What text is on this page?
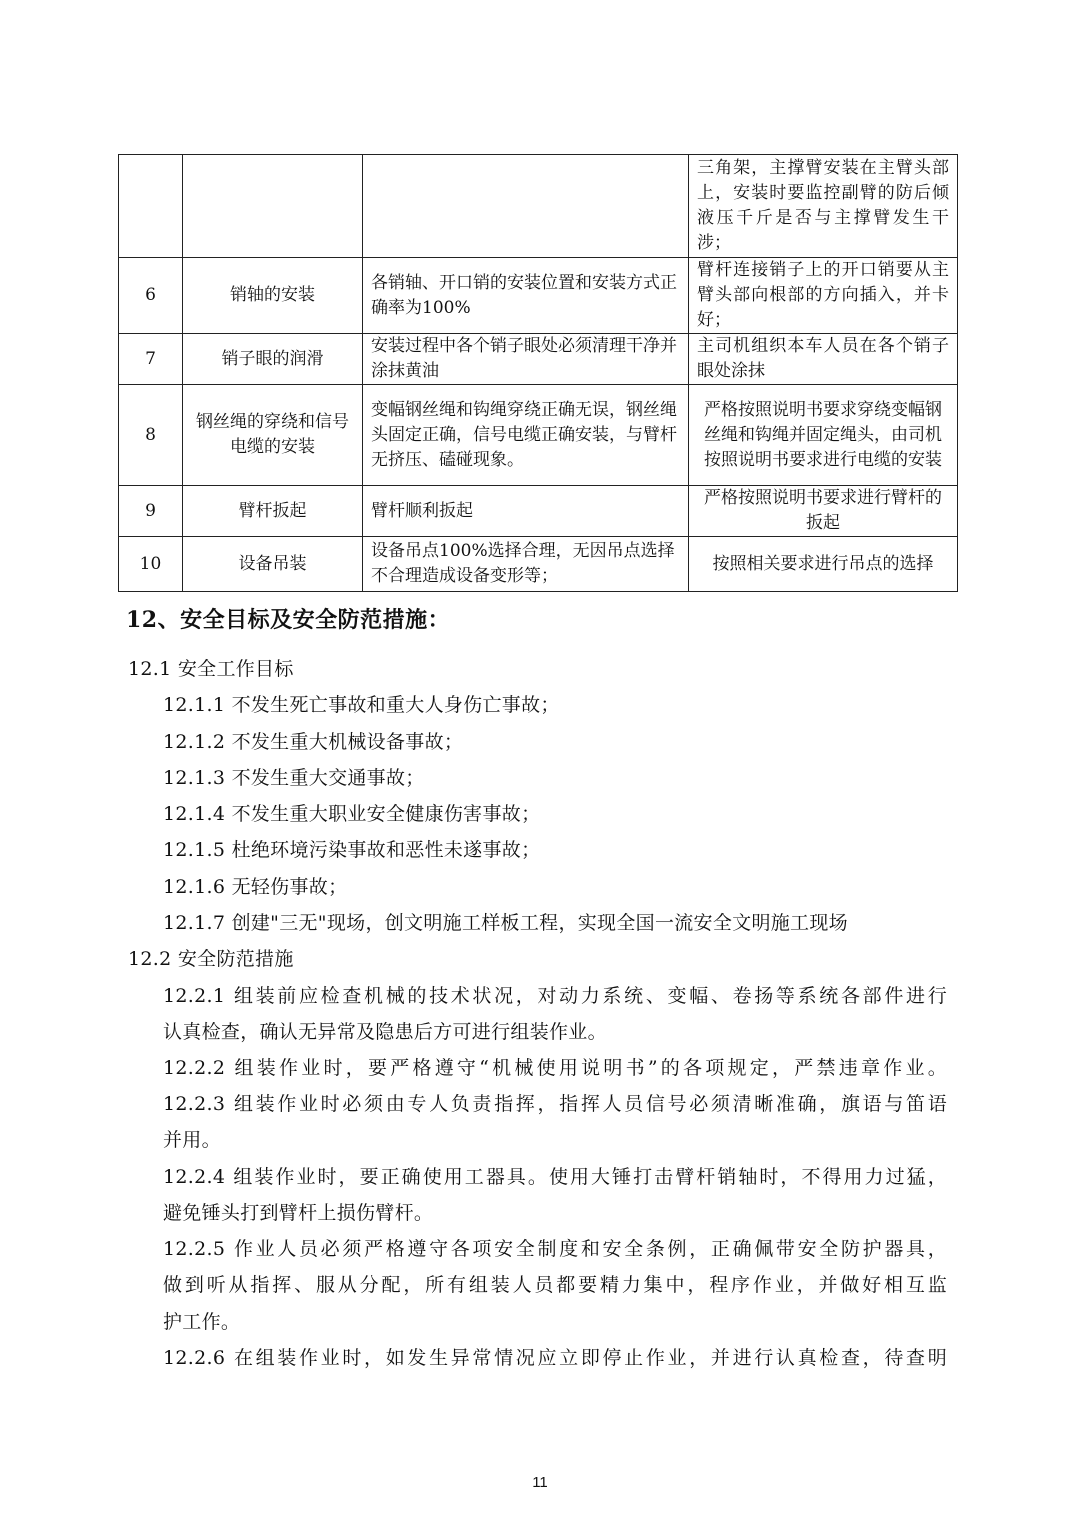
			三角架，主撑臂安装在主臂头部上，安装时要监控副臂的防后倾液压千斤是否与主撑臂发生干涉；
6	销轴的安装	各销轴、开口销的安装位置和安装方式正确率为100%	臂杆连接销子上的开口销要从主臂头部向根部的方向插入，并卡好；
7	销子眼的润滑	安装过程中各个销子眼处必须清理干净并涂抹黄油	主司机组织本车人员在各个销子眼处涂抹
8	钢丝绳的穿绕和信号电缆的安装	变幅钢丝绳和钩绳穿绕正确无误，钢丝绳头固定正确，信号电缆正确安装，与臂杆无挤压、磕碰现象。	严格按照说明书要求穿绕变幅钢丝绳和钩绳并固定绳头，由司机按照说明书要求进行电缆的安装
9	臂杆扳起	臂杆顺利扳起	严格按照说明书要求进行臂杆的扳起
10	设备吊装	设备吊点100%选择合理，无因吊点选择不合理造成设备变形等；	按照相关要求进行吊点的选择
12、安全目标及安全防范措施：
12.1 安全工作目标
12.1.1 不发生死亡事故和重大人身伤亡事故；
12.1.2 不发生重大机械设备事故；
12.1.3 不发生重大交通事故；
12.1.4 不发生重大职业安全健康伤害事故；
12.1.5 杜绝环境污染事故和恶性未遂事故；
12.1.6 无轻伤事故；
12.1.7 创建"三无"现场，创文明施工样板工程，实现全国一流安全文明施工现场
12.2 安全防范措施
12.2.1 组装前应检查机械的技术状况，对动力系统、变幅、卷扬等系统各部件进行
认真检查，确认无异常及隐患后方可进行组装作业。
12.2.2 组装作业时，要严格遵守“机械使用说明书”的各项规定，严禁违章作业。
12.2.3 组装作业时必须由专人负责指挥，指挥人员信号必须清晰准确，旗语与笛语
并用。
12.2.4 组装作业时，要正确使用工器具。使用大锤打击臂杆销轴时，不得用力过猛，
避免锤头打到臂杆上损伤臂杆。
12.2.5 作业人员必须严格遵守各项安全制度和安全条例，正确佩带安全防护器具，
做到听从指挥、服从分配，所有组装人员都要精力集中，程序作业，并做好相互监
护工作。
12.2.6 在组装作业时，如发生异常情况应立即停止作业，并进行认真检查，待查明
11
